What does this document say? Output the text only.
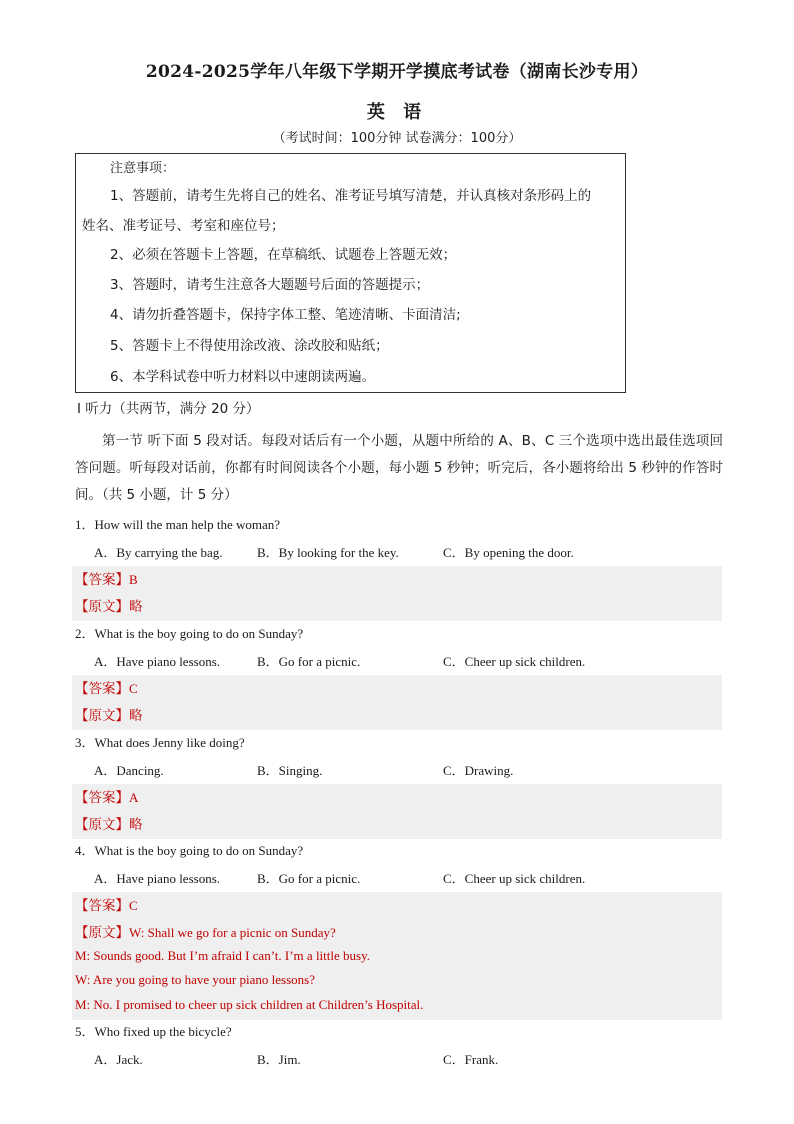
2024-2025学年八年级下学期开学摸底考试卷（湖南长沙专用）
英 语
（考试时间：100分钟 试卷满分：100分）
注意事项：
1、答题前，请考生先将自己的姓名、准考证号填写清楚，并认真核对条形码上的
姓名、准考证号、考室和座位号；
2、必须在答题卡上答题，在草稿纸、试题卷上答题无效；
3、答题时，请考生注意各大题题号后面的答题提示；
4、请勿折叠答题卡，保持字体工整、笔迹清晰、卡面清洁;
5、答题卡上不得使用涂改液、涂改胶和贴纸；
6、本学科试卷中听力材料以中速朗读两遍。
Ⅰ 听力（共两节，满分 20 分）
第一节 听下面 5 段对话。每段对话后有一个小题，从题中所给的 A、B、C 三个选项中选出最佳选项回答问题。听每段对话前，你都有时间阅读各个小题，每小题 5 秒钟；听完后，各小题将给出 5 秒钟的作答时间。（共 5 小题，计 5 分）
1．How will the man help the woman?
A．By carrying the bag.	B．By looking for the key.	C．By opening the door.
【答案】B
【原文】略
2．What is the boy going to do on Sunday?
A．Have piano lessons.	B．Go for a picnic.	C．Cheer up sick children.
【答案】C
【原文】略
3．What does Jenny like doing?
A．Dancing.	B．Singing.	C．Drawing.
【答案】A
【原文】略
4．What is the boy going to do on Sunday?
A．Have piano lessons.	B．Go for a picnic.	C．Cheer up sick children.
【答案】C
【原文】W: Shall we go for a picnic on Sunday?
M: Sounds good. But I’m afraid I can’t. I’m a little busy.
W: Are you going to have your piano lessons?
M: No. I promised to cheer up sick children at Children’s Hospital.
5．Who fixed up the bicycle?
A．Jack.	B．Jim.	C．Frank.
